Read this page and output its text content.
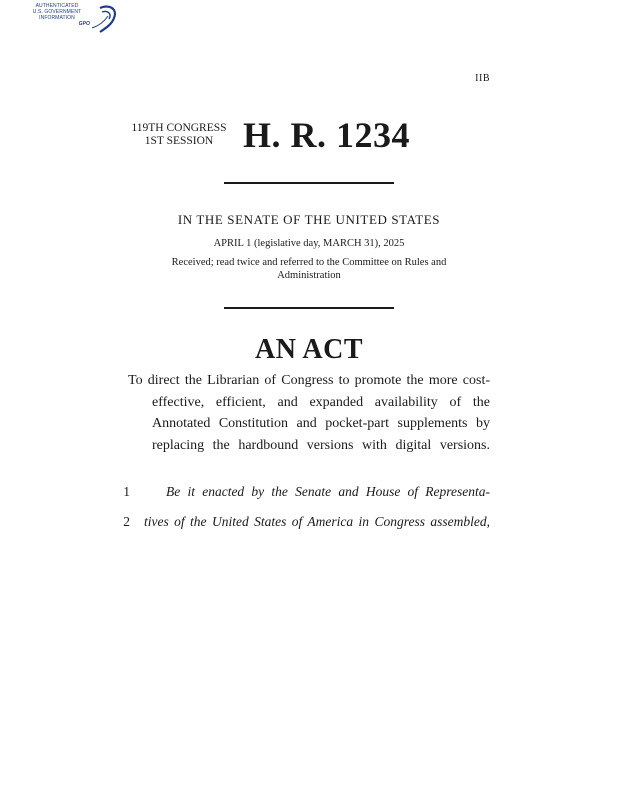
AUTHENTICATED
U.S. GOVERNMENT
INFORMATION
GPO
IIB
119TH CONGRESS
1ST SESSION H. R. 1234
IN THE SENATE OF THE UNITED STATES
APRIL 1 (legislative day, MARCH 31), 2025
Received; read twice and referred to the Committee on Rules and Administration
AN ACT
To direct the Librarian of Congress to promote the more cost-effective, efficient, and expanded availability of the Annotated Constitution and pocket-part supplements by replacing the hardbound versions with digital versions.
1	Be it enacted by the Senate and House of Representa-
2 tives of the United States of America in Congress assembled,
